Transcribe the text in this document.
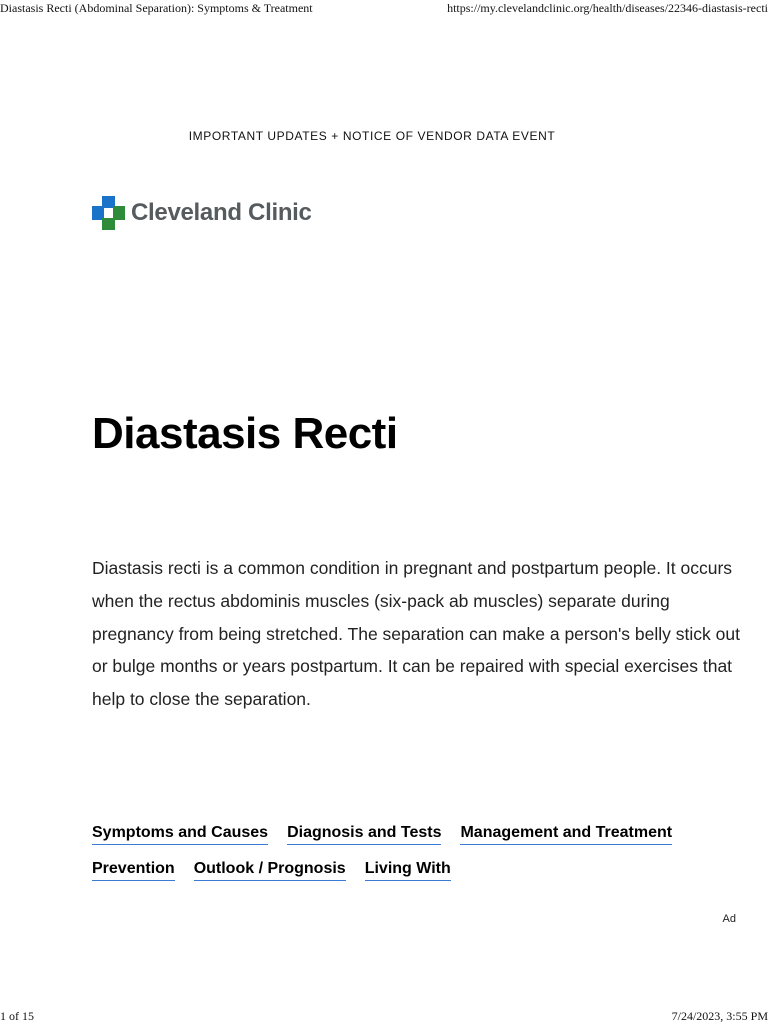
Diastasis Recti (Abdominal Separation): Symptoms & Treatment	https://my.clevelandclinic.org/health/diseases/22346-diastasis-recti
IMPORTANT UPDATES + NOTICE OF VENDOR DATA EVENT
Cleveland Clinic
Diastasis Recti

Diastasis recti is a common condition in pregnant and postpartum people. It occurs when the rectus abdominis muscles (six-pack ab muscles) separate during pregnancy from being stretched. The separation can make a person's belly stick out or bulge months or years postpartum. It can be repaired with special exercises that help to close the separation.

Symptoms and Causes Diagnosis and Tests Management and Treatment
Prevention Outlook / Prognosis Living With
Ad
1 of 15	7/24/2023, 3:55 PM
